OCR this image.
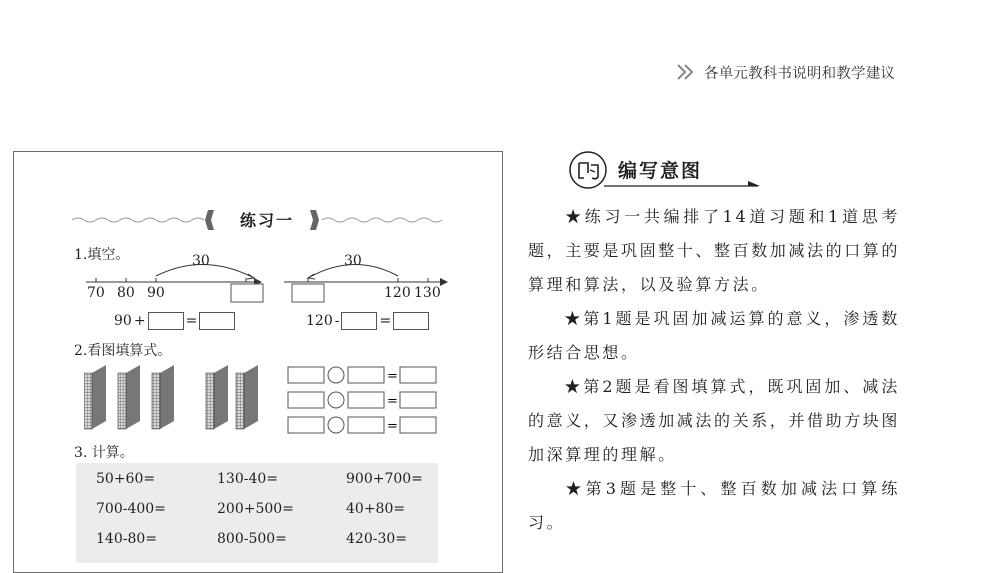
各单元教科书说明和教学建议
练习一
1.填空。	30	30
70 80 90	120 130
90 +	=	120 -	=
2.看图填算式。
=
=
=
3. 计算。
50+60=	130-40=	900+700=
700-400=	200+500=	40+80=
140-80=	800-500=	420-30=
编写意图
★练习一共编排了14道习题和1道思考题，主要是巩固整十、整百数加减法的口算的算理和算法，以及验算方法。
★第1题是巩固加减运算的意义，渗透数形结合思想。
★第2题是看图填算式，既巩固加、减法的意义，又渗透加减法的关系，并借助方块图加深算理的理解。
★第3题是整十、整百数加减法口算练习。
